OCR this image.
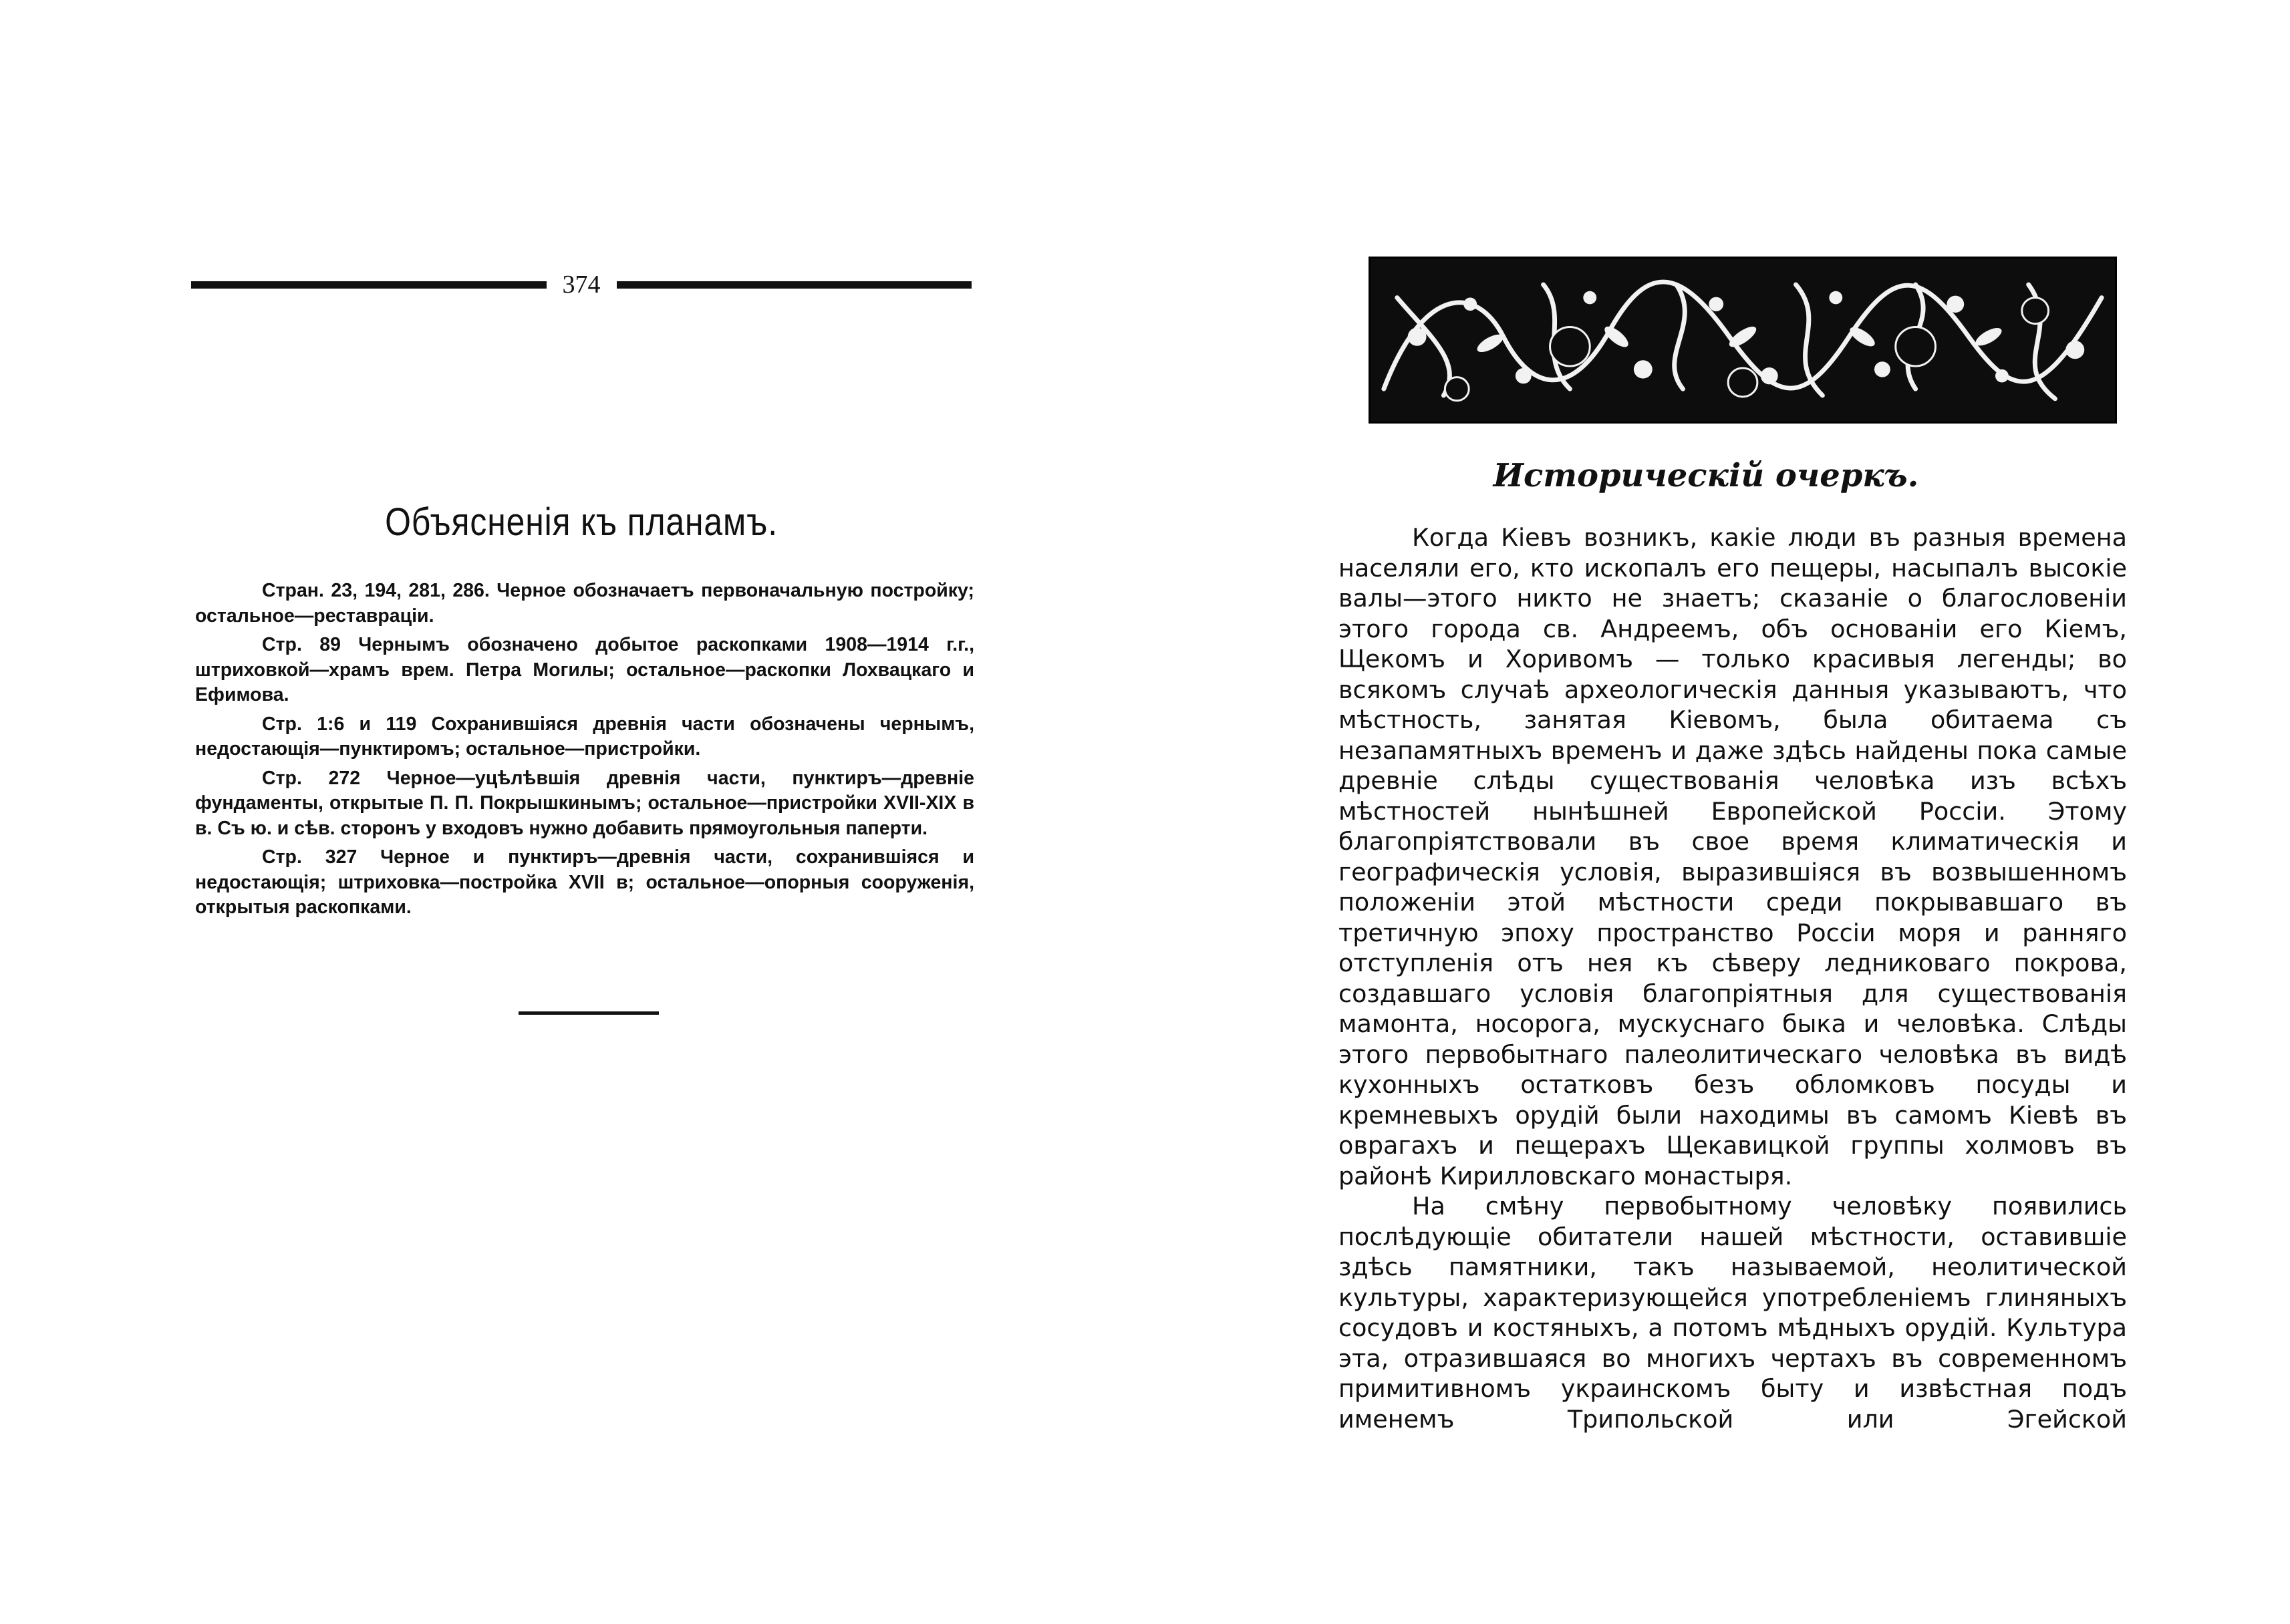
374
Объясненія къ планамъ.

Стран. 23, 194, 281, 286. Черное обозначаетъ первоначальную постройку; остальное—реставраціи.

Стр. 89 Чернымъ обозначено добытое раскопками 1908—1914 г.г., штриховкой—храмъ врем. Петра Могилы; остальное—раскопки Лохвацкаго и Ефимова.

Стр. 1:6 и 119 Сохранившіяся древнія части обозначены чернымъ, недостающія—пунктиромъ; остальное—пристройки.

Стр. 272 Черное—уцѣлѣвшія древнія части, пунктиръ—древніе фундаменты, открытые П. П. Покрышкинымъ; остальное—пристройки XVII-XIX в в. Съ ю. и сѣв. сторонъ у входовъ нужно добавить прямоугольныя паперти.

Стр. 327 Черное и пунктиръ—древнія части, сохранившіяся и недостающія; штриховка—постройка XVII в; остальное—опорныя сооруженія, открытыя раскопками.

Историческій очеркъ.

Когда Кіевъ возникъ, какіе люди въ разныя времена населяли его, кто ископалъ его пещеры, насыпалъ высокіе валы—этого никто не знаетъ; сказаніе о благословеніи этого города св. Андреемъ, объ основаніи его Кіемъ, Щекомъ и Хоривомъ — только красивыя легенды; во всякомъ случаѣ археологическія данныя указываютъ, что мѣстность, занятая Кіевомъ, была обитаема съ незапамятныхъ временъ и даже здѣсь найдены пока самые древніе слѣды существованія человѣка изъ всѣхъ мѣстностей нынѣшней Европейской Россіи. Этому благопріятствовали въ свое время климатическія и географическія условія, выразившіяся въ возвышенномъ положеніи этой мѣстности среди покрывавшаго въ третичную эпоху пространство Россіи моря и ранняго отступленія отъ нея къ сѣверу ледниковаго покрова, создавшаго условія благопріятныя для существованія мамонта, носорога, мускуснаго быка и человѣка. Слѣды этого первобытнаго палеолитическаго человѣка въ видѣ кухонныхъ остатковъ безъ обломковъ посуды и кремневыхъ орудій были находимы въ самомъ Кіевѣ въ оврагахъ и пещерахъ Щекавицкой группы холмовъ въ районѣ Кирилловскаго монастыря.

На смѣну первобытному человѣку появились послѣдующіе обитатели нашей мѣстности, оставившіе здѣсь памятники, такъ называемой, неолитической культуры, характеризующейся употребленіемъ глиняныхъ сосудовъ и костяныхъ, а потомъ мѣдныхъ орудій. Культура эта, отразившаяся во многихъ чертахъ въ современномъ примитивномъ украинскомъ быту и извѣстная подъ именемъ Трипольской или Эгейской
